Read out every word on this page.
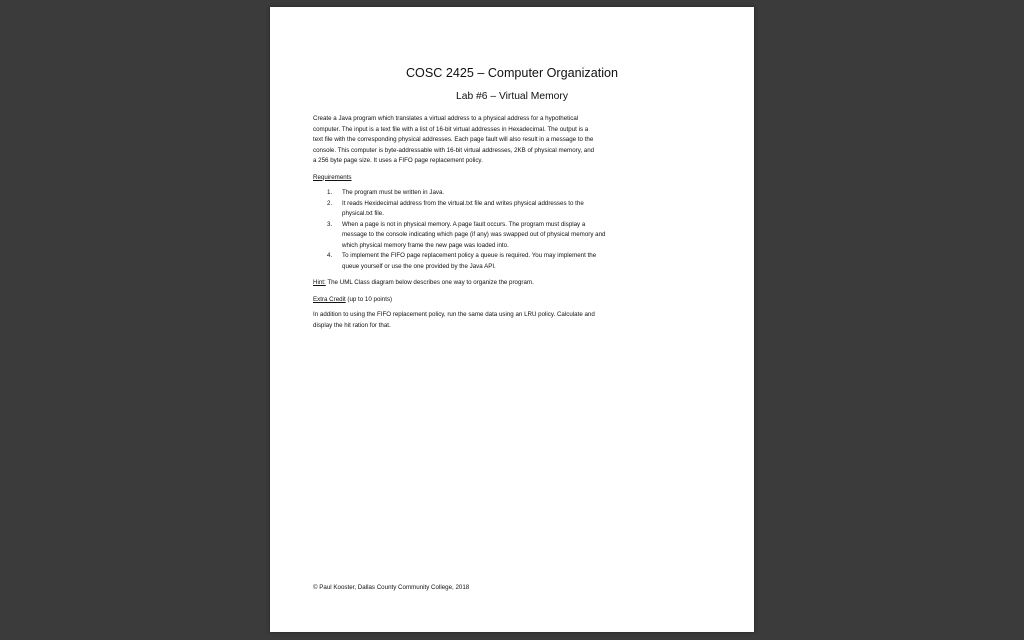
COSC 2425 – Computer Organization
Lab #6 – Virtual Memory
Create a Java program which translates a virtual address to a physical address for a hypothetical
computer. The input is a text file with a list of 16-bit virtual addresses in Hexadecimal. The output is a
text file with the corresponding physical addresses. Each page fault will also result in a message to the
console. This computer is byte-addressable with 16-bit virtual addresses, 2KB of physical memory, and
a 256 byte page size. It uses a FIFO page replacement policy.
Requirements
1. The program must be written in Java.
2. It reads Hexidecimal address from the virtual.txt file and writes physical addresses to the
physical.txt file.
3. When a page is not in physical memory. A page fault occurs. The program must display a
message to the console indicating which page (if any) was swapped out of physical memory and
which physical memory frame the new page was loaded into.
4. To implement the FIFO page replacement policy a queue is required. You may implement the
queue yourself or use the one provided by the Java API.
Hint: The UML Class diagram below describes one way to organize the program.
Extra Credit (up to 10 points)
In addition to using the FIFO replacement policy, run the same data using an LRU policy. Calculate and
display the hit ration for that.
© Paul Kooster, Dallas County Community College, 2018
